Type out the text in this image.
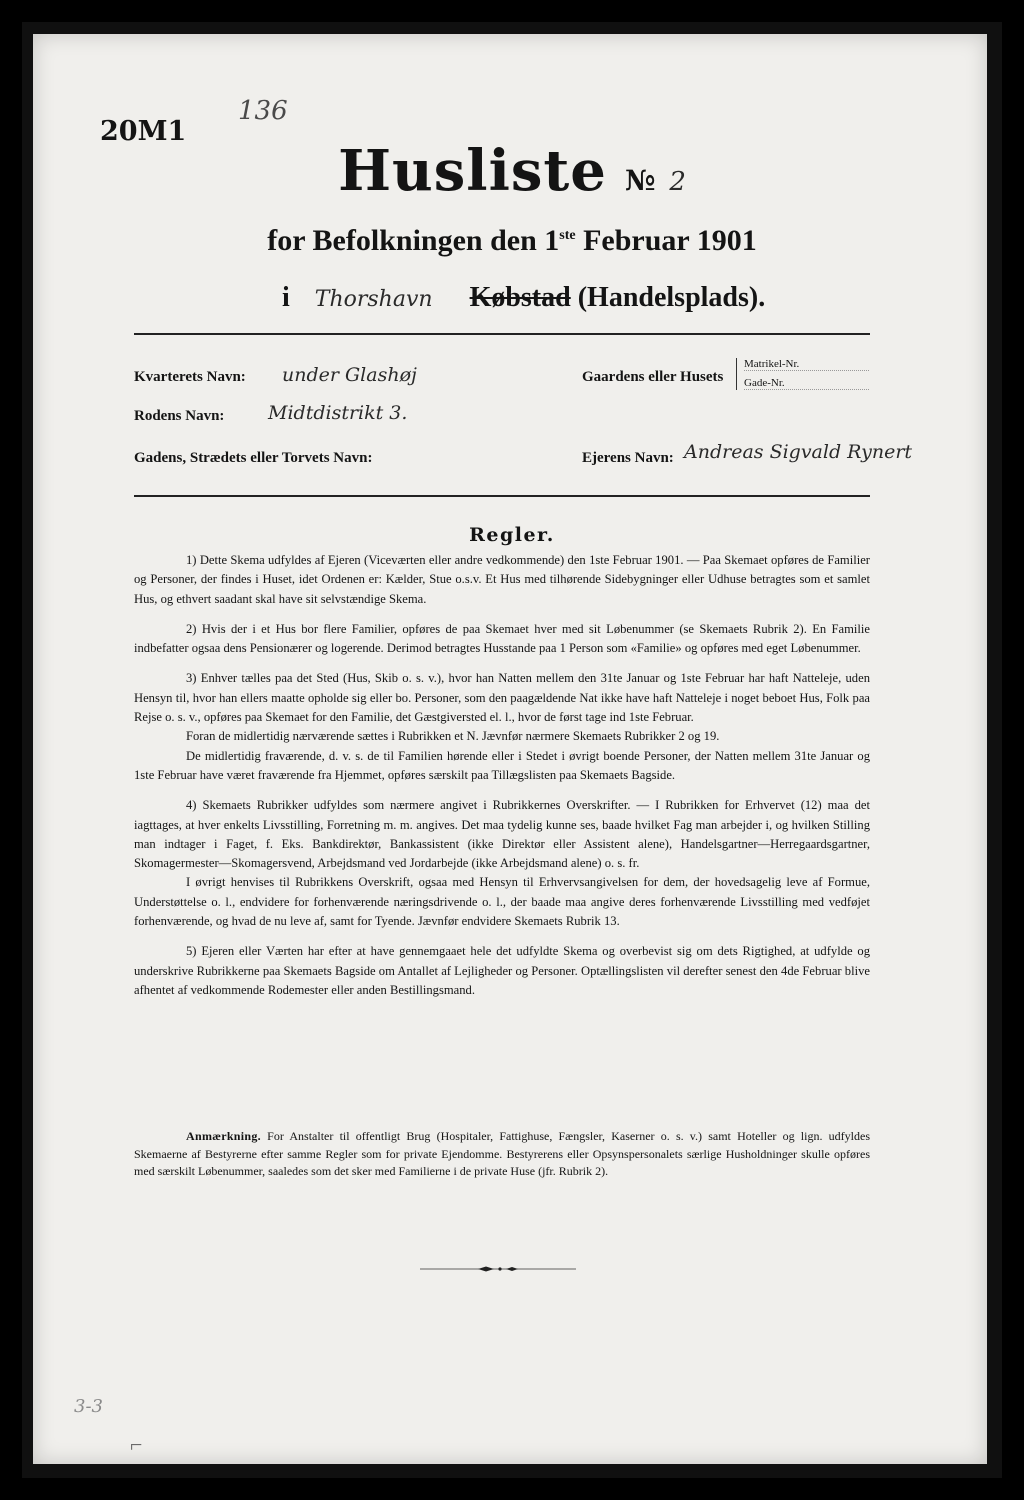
20M1
136
Husliste № 2
for Befolkningen den 1ste Februar 1901
i Thorshavn Købstad (Handelsplads).
Kvarterets Navn: under Glashøj
Rodens Navn: Midtdistrikt 3.
Gadens, Strædets eller Torvets Navn:
Gaardens eller Husets
Matrikel-Nr.
Gade-Nr.
Ejerens Navn: Andreas Sigvald Rynert
Regler.

1) Dette Skema udfyldes af Ejeren (Viceværten eller andre vedkommende) den 1ste Februar 1901. — Paa Skemaet opføres de Familier og Personer, der findes i Huset, idet Ordenen er: Kælder, Stue o.s.v. Et Hus med tilhørende Sidebygninger eller Udhuse betragtes som et samlet Hus, og ethvert saadant skal have sit selvstændige Skema.

2) Hvis der i et Hus bor flere Familier, opføres de paa Skemaet hver med sit Løbenummer (se Skemaets Rubrik 2). En Familie indbefatter ogsaa dens Pensionærer og logerende. Derimod betragtes Husstande paa 1 Person som «Familie» og opføres med eget Løbenummer.

3) Enhver tælles paa det Sted (Hus, Skib o. s. v.), hvor han Natten mellem den 31te Januar og 1ste Februar har haft Natteleje, uden Hensyn til, hvor han ellers maatte opholde sig eller bo. Personer, som den paagældende Nat ikke have haft Natteleje i noget beboet Hus, Folk paa Rejse o. s. v., opføres paa Skemaet for den Familie, det Gæstgiversted el. l., hvor de først tage ind 1ste Februar.

Foran de midlertidig nærværende sættes i Rubrikken et N. Jævnfør nærmere Skemaets Rubrikker 2 og 19.

De midlertidig fraværende, d. v. s. de til Familien hørende eller i Stedet i øvrigt boende Personer, der Natten mellem 31te Januar og 1ste Februar have været fraværende fra Hjemmet, opføres særskilt paa Tillægslisten paa Skemaets Bagside.

4) Skemaets Rubrikker udfyldes som nærmere angivet i Rubrikkernes Overskrifter. — I Rubrikken for Erhvervet (12) maa det iagttages, at hver enkelts Livsstilling, Forretning m. m. angives. Det maa tydelig kunne ses, baade hvilket Fag man arbejder i, og hvilken Stilling man indtager i Faget, f. Eks. Bankdirektør, Bankassistent (ikke Direktør eller Assistent alene), Handelsgartner—Herregaardsgartner, Skomagermester—Skomagersvend, Arbejdsmand ved Jordarbejde (ikke Arbejdsmand alene) o. s. fr.

I øvrigt henvises til Rubrikkens Overskrift, ogsaa med Hensyn til Erhvervsangivelsen for dem, der hovedsagelig leve af Formue, Understøttelse o. l., endvidere for forhenværende næringsdrivende o. l., der baade maa angive deres forhenværende Livsstilling med vedføjet forhenværende, og hvad de nu leve af, samt for Tyende. Jævnfør endvidere Skemaets Rubrik 13.

5) Ejeren eller Værten har efter at have gennemgaaet hele det udfyldte Skema og overbevist sig om dets Rigtighed, at udfylde og underskrive Rubrikkerne paa Skemaets Bagside om Antallet af Lejligheder og Personer. Optællingslisten vil derefter senest den 4de Februar blive afhentet af vedkommende Rodemester eller anden Bestillingsmand.

Anmærkning. For Anstalter til offentligt Brug (Hospitaler, Fattighuse, Fængsler, Kaserner o. s. v.) samt Hoteller og lign. udfyldes Skemaerne af Bestyrerne efter samme Regler som for private Ejendomme. Bestyrerens eller Opsynspersonalets særlige Husholdninger skulle opføres med særskilt Løbenummer, saaledes som det sker med Familierne i de private Huse (jfr. Rubrik 2).

3-3
⌐
